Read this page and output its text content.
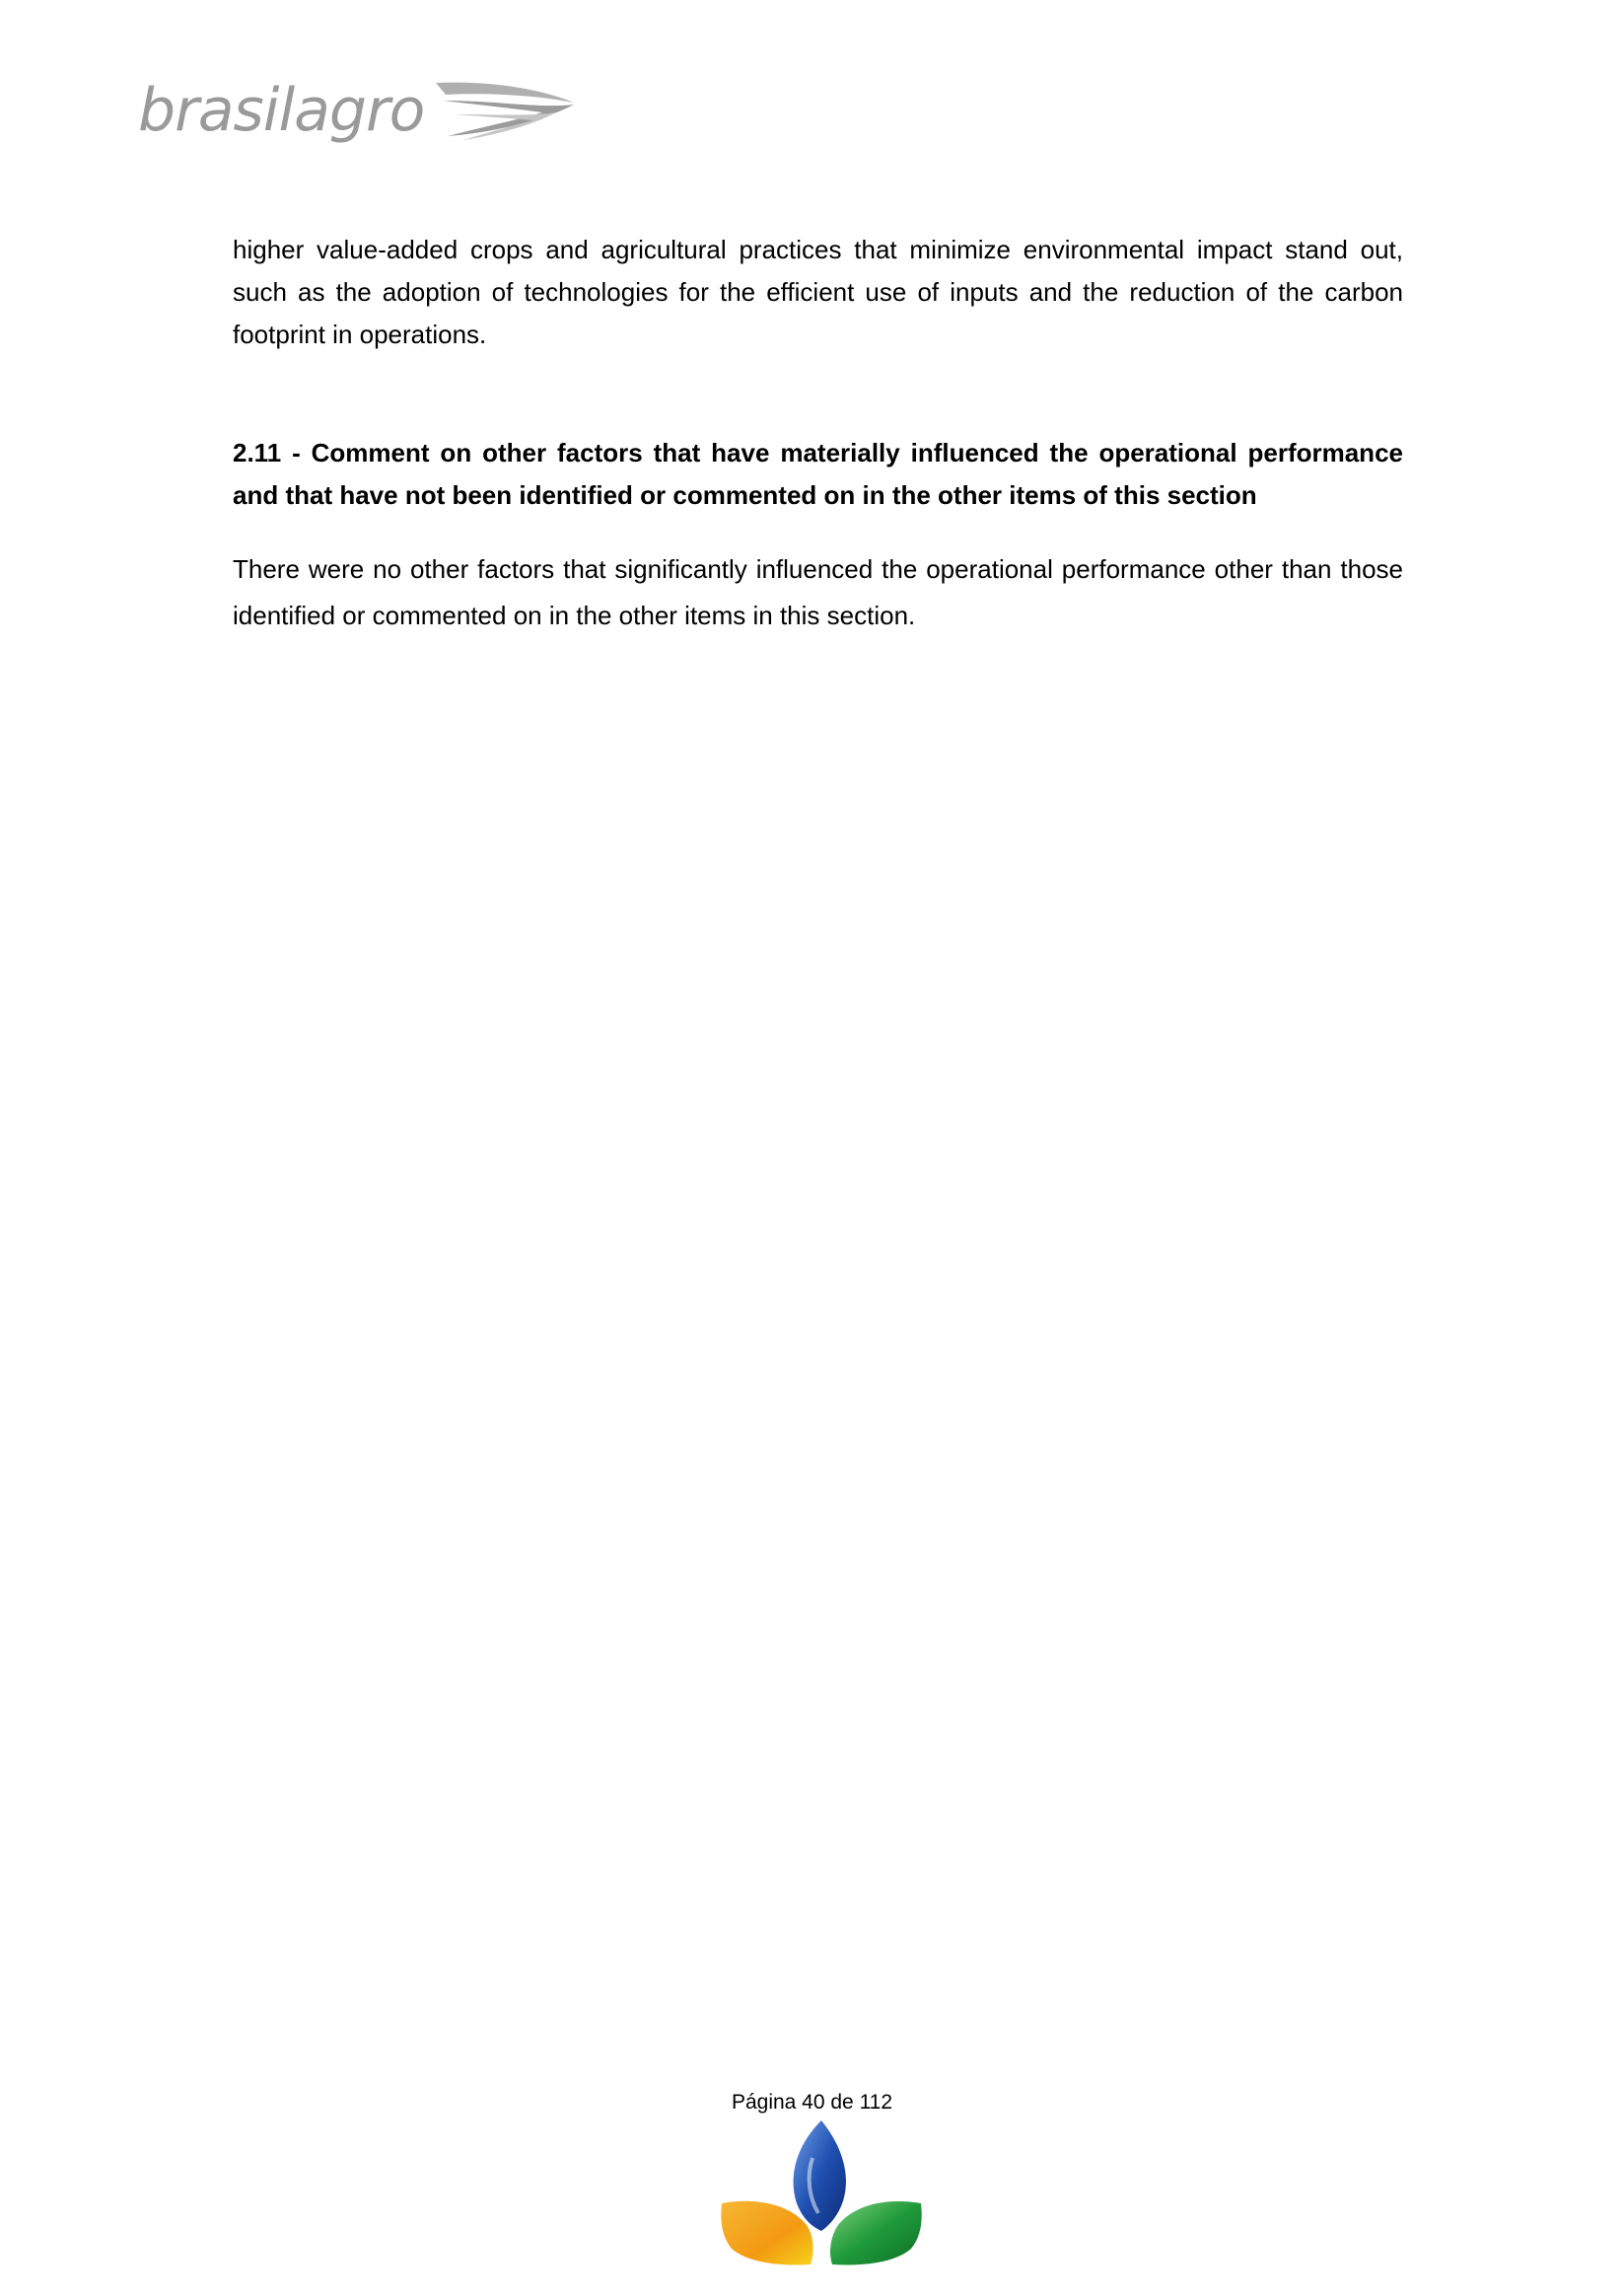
brasilagro

higher value-added crops and agricultural practices that minimize environmental impact stand out, such as the adoption of technologies for the efficient use of inputs and the reduction of the carbon footprint in operations.

2.11 - Comment on other factors that have materially influenced the operational performance and that have not been identified or commented on in the other items of this section

There were no other factors that significantly influenced the operational performance other than those identified or commented on in the other items in this section.

Página 40 de 112
